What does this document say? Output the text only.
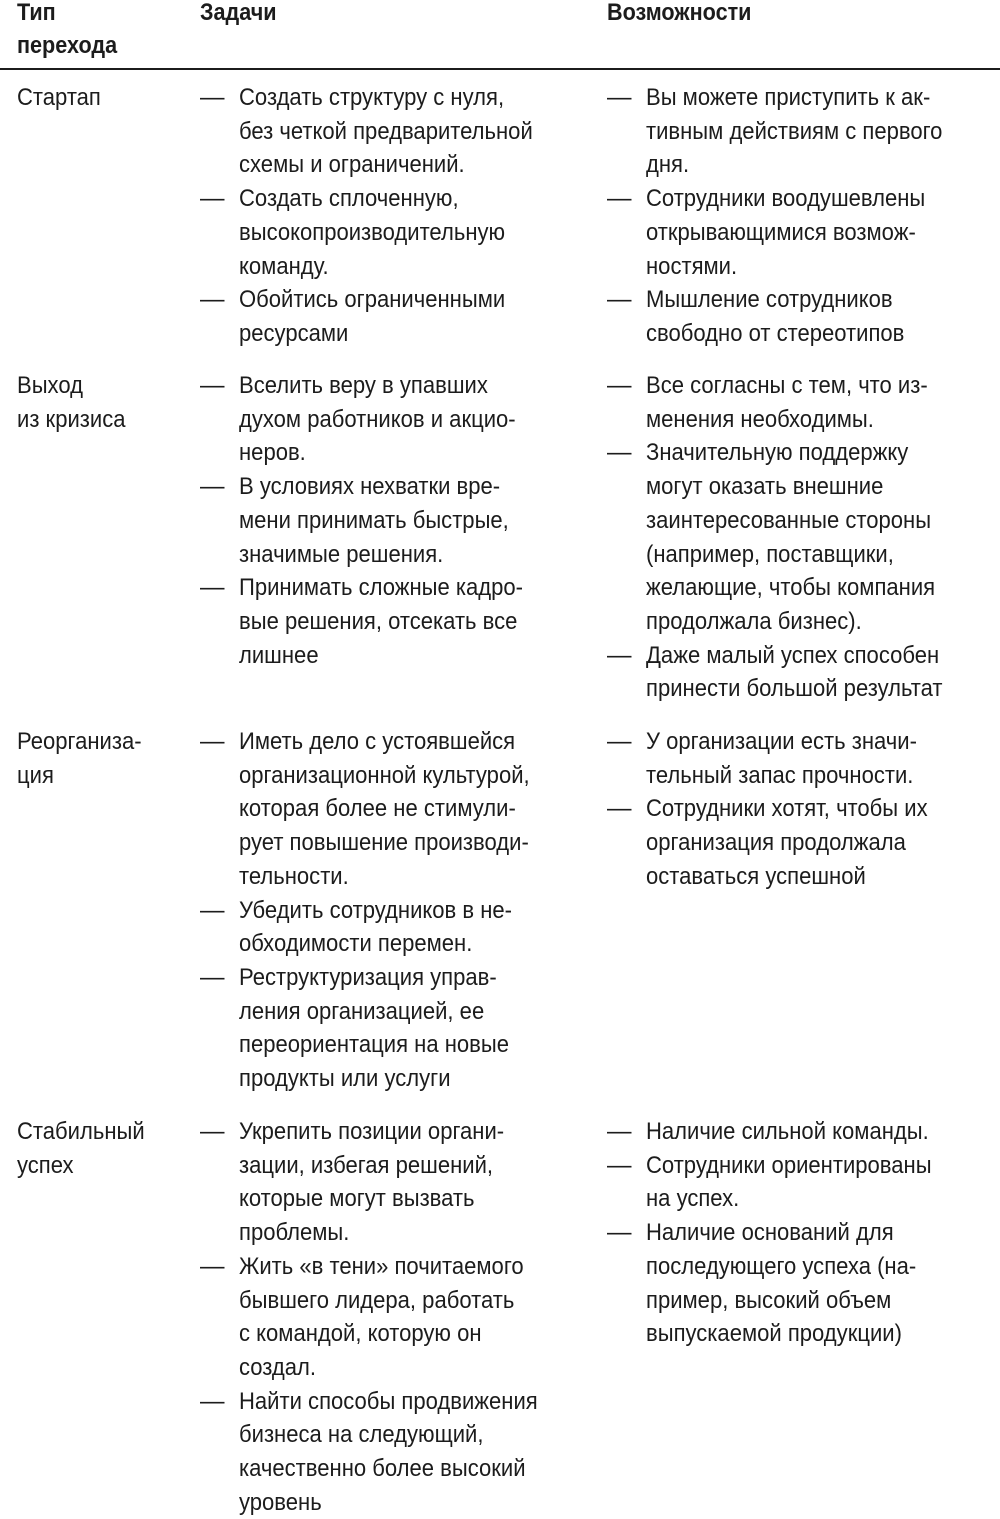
Тип
перехода
Задачи	Возможности
Стартап	— Создать структуру с нуля,
без четкой предварительной
схемы и ограничений.
— Создать сплоченную,
высокопроизводительную
команду.
— Обойтись ограниченными
ресурсами
— Вы можете приступить к ак-
тивным действиям с первого
дня.
— Сотрудники воодушевлены
открывающимися возмож-
ностями.
— Мышление сотрудников
свободно от стереотипов
Выход
из кризиса
— Вселить веру в упавших
духом работников и акцио-
неров.
— В условиях нехватки вре-
мени принимать быстрые,
значимые решения.
— Принимать сложные кадро-
вые решения, отсекать все
лишнее
— Все согласны с тем, что из-
менения необходимы.
— Значительную поддержку
могут оказать внешние
заинтересованные стороны
(например, поставщики,
желающие, чтобы компания
продолжала бизнес).
— Даже малый успех способен
принести большой результат
Реорганиза-
ция
— Иметь дело с устоявшейся
организационной культурой,
которая более не стимули-
рует повышение производи-
тельности.
— Убедить сотрудников в не-
обходимости перемен.
— Реструктуризация управ-
ления организацией, ее
переориентация на новые
продукты или услуги
— У организации есть значи-
тельный запас прочности.
— Сотрудники хотят, чтобы их
организация продолжала
оставаться успешной
Стабильный
успех
— Укрепить позиции органи-
зации, избегая решений,
которые могут вызвать
проблемы.
— Жить «в тени» почитаемого
бывшего лидера, работать
с командой, которую он
создал.
— Найти способы продвижения
бизнеса на следующий,
качественно более высокий
уровень
— Наличие сильной команды.
— Сотрудники ориентированы
на успех.
— Наличие оснований для
последующего успеха (на-
пример, высокий объем
выпускаемой продукции)
